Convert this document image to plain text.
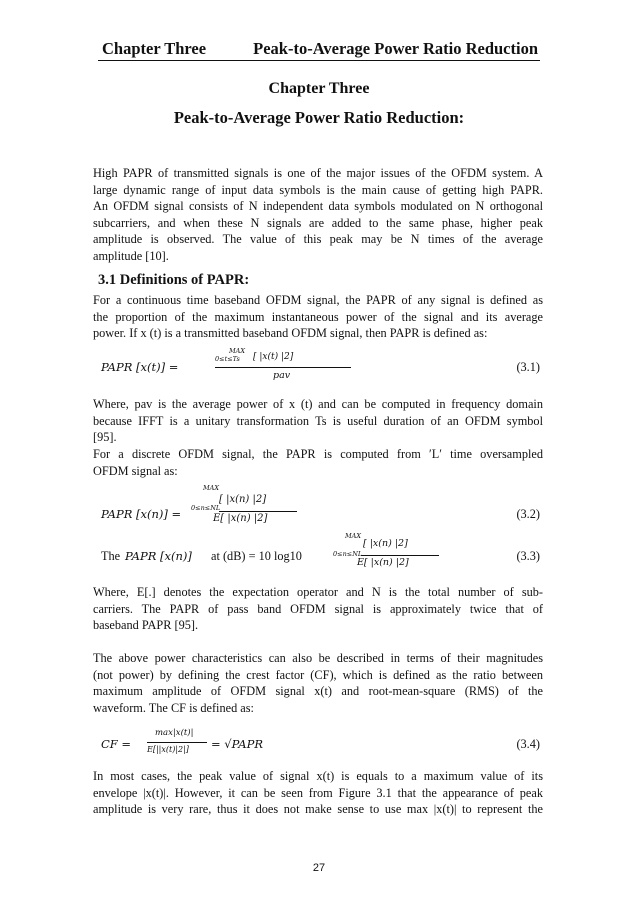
Chapter Three	Peak-to-Average Power Ratio Reduction
Chapter Three
Peak-to-Average Power Ratio Reduction:
High PAPR of transmitted signals is one of the major issues of the OFDM system. A
large dynamic range of input data symbols is the main cause of getting high PAPR.
An OFDM signal consists of N independent data symbols modulated on N orthogonal
subcarriers, and when these N signals are added to the same phase, higher peak
amplitude is observed. The value of this peak may be N times of the average
amplitude [10].
3.1 Definitions of PAPR:
For a continuous time baseband OFDM signal, the PAPR of any signal is defined as
the proportion of the maximum instantaneous power of the signal and its average
power. If x (t) is a transmitted baseband OFDM signal, then PAPR is defined as:
PAPR [x(t)] =
MAX
0≤t≤Ts [ |x(t) |2]
pav
(3.1)
Where, pav is the average power of x (t) and can be computed in frequency domain
because IFFT is a unitary transformation Ts is useful duration of an OFDM symbol
[95].
For a discrete OFDM signal, the PAPR is computed from ′L′ time oversampled
OFDM signal as:
PAPR [x(n)] =
MAX
0≤n≤NL
[ |x(n) |2]
E[ |x(n) |2]	(3.2)
The PAPR [x(n)] at (dB) = 10 log10
MAX
0≤n≤NL
[ |x(n) |2]
E[ |x(n) |2]	(3.3)
Where, E[.] denotes the expectation operator and N is the total number of sub-
carriers. The PAPR of pass band OFDM signal is approximately twice that of
baseband PAPR [95].
The above power characteristics can also be described in terms of their magnitudes
(not power) by defining the crest factor (CF), which is defined as the ratio between
maximum amplitude of OFDM signal x(t) and root-mean-square (RMS) of the
waveform. The CF is defined as:
CF =
max|x(t)|
E[||x(t)|2|] = √PAPR	(3.4)
In most cases, the peak value of signal x(t) is equals to a maximum value of its
envelope |x(t)|. However, it can be seen from Figure 3.1 that the appearance of peak
amplitude is very rare, thus it does not make sense to use max |x(t)| to represent the
27
